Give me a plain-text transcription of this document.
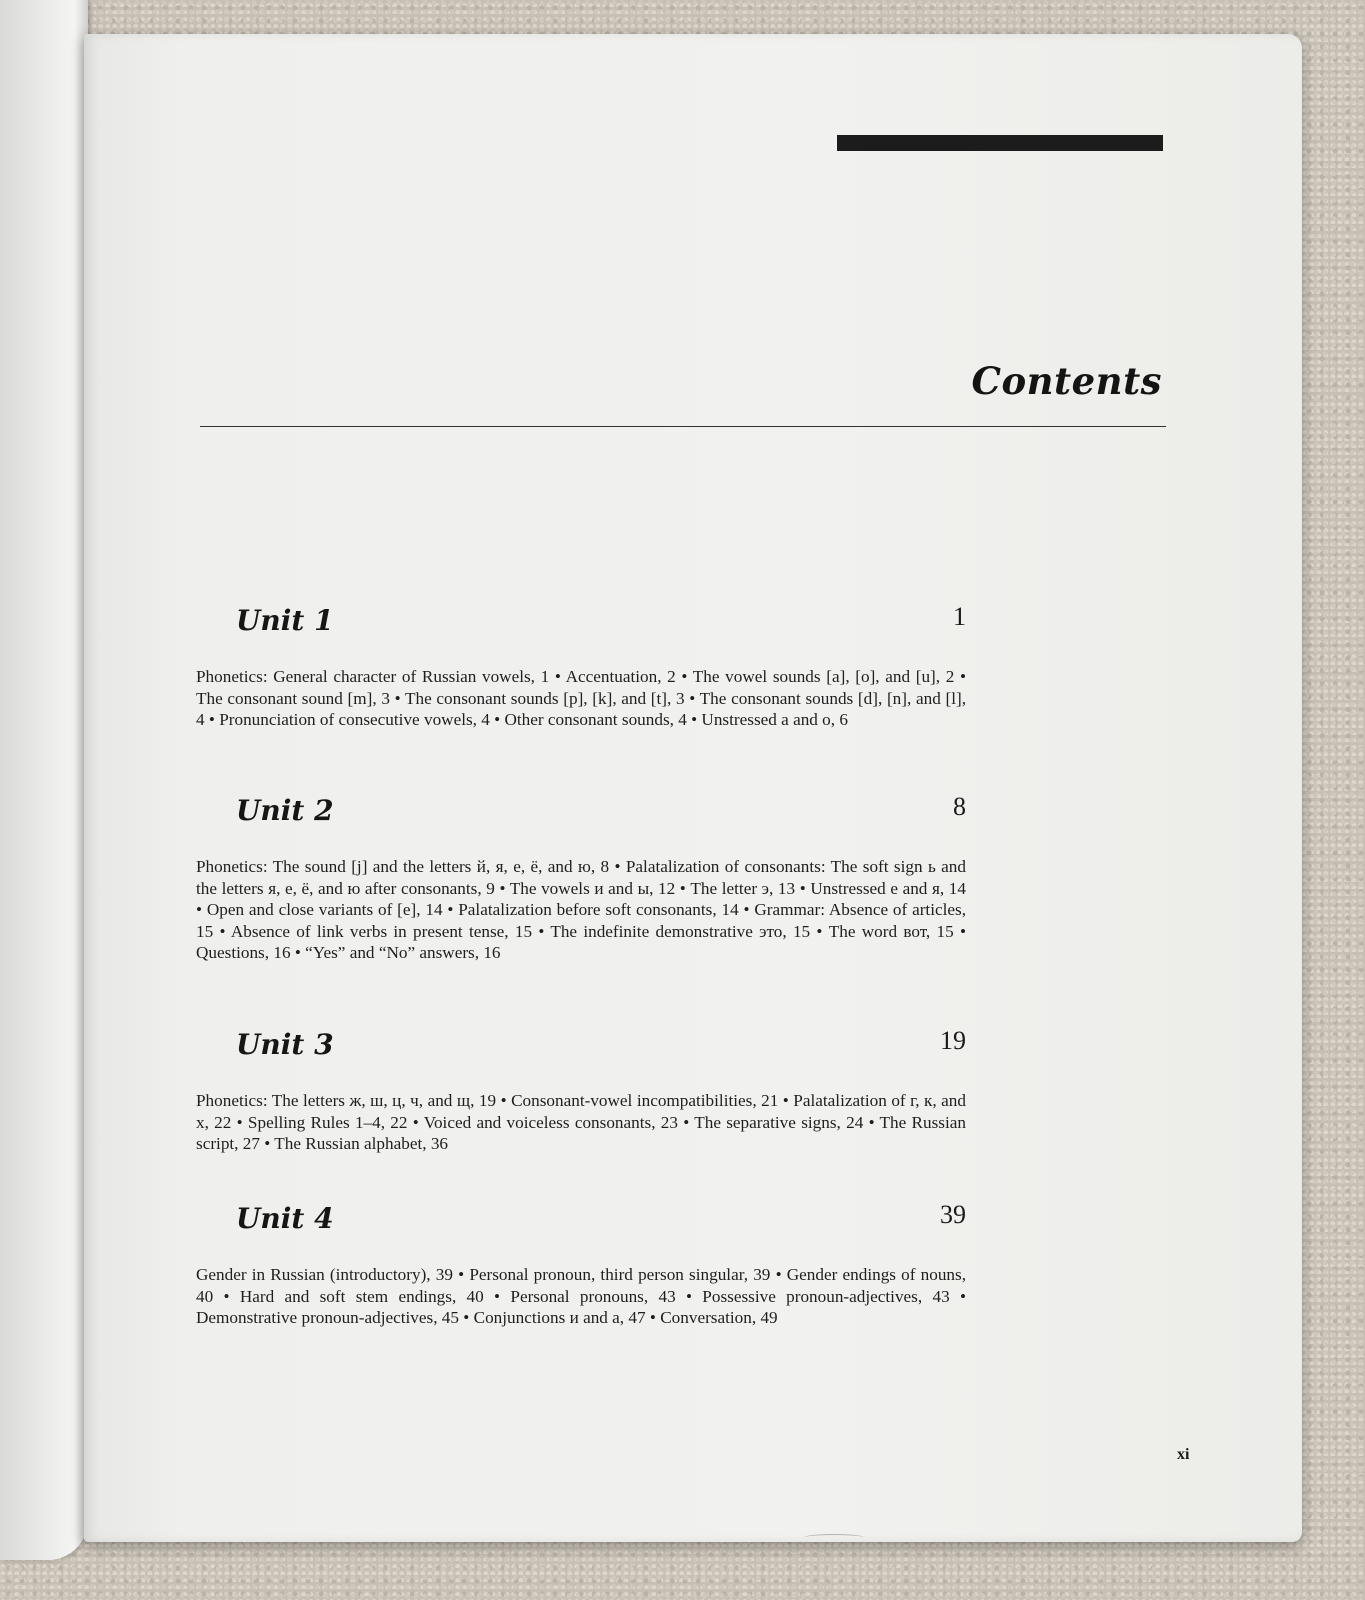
Contents
Unit 1	1
Phonetics: General character of Russian vowels, 1 • Accentuation, 2 • The vowel sounds [a], [o], and [u], 2 • The consonant sound [m], 3 • The consonant sounds [p], [k], and [t], 3 • The consonant sounds [d], [n], and [l], 4 • Pronunciation of consecutive vowels, 4 • Other consonant sounds, 4 • Unstressed a and o, 6
Unit 2	8
Phonetics: The sound [j] and the letters й, я, е, ё, and ю, 8 • Palatalization of consonants: The soft sign ь and the letters я, е, ё, and ю after consonants, 9 • The vowels и and ы, 12 • The letter э, 13 • Unstressed е and я, 14 • Open and close variants of [e], 14 • Palatalization before soft consonants, 14 • Grammar: Absence of articles, 15 • Absence of link verbs in present tense, 15 • The indefinite demonstrative это, 15 • The word вот, 15 • Questions, 16 • “Yes” and “No” answers, 16
Unit 3	19
Phonetics: The letters ж, ш, ц, ч, and щ, 19 • Consonant-vowel incompatibilities, 21 • Palatalization of г, к, and х, 22 • Spelling Rules 1–4, 22 • Voiced and voiceless consonants, 23 • The separative signs, 24 • The Russian script, 27 • The Russian alphabet, 36
Unit 4	39
Gender in Russian (introductory), 39 • Personal pronoun, third person singular, 39 • Gender endings of nouns, 40 • Hard and soft stem endings, 40 • Personal pronouns, 43 • Possessive pronoun-adjectives, 43 • Demonstrative pronoun-adjectives, 45 • Conjunctions и and а, 47 • Conversation, 49
xi
